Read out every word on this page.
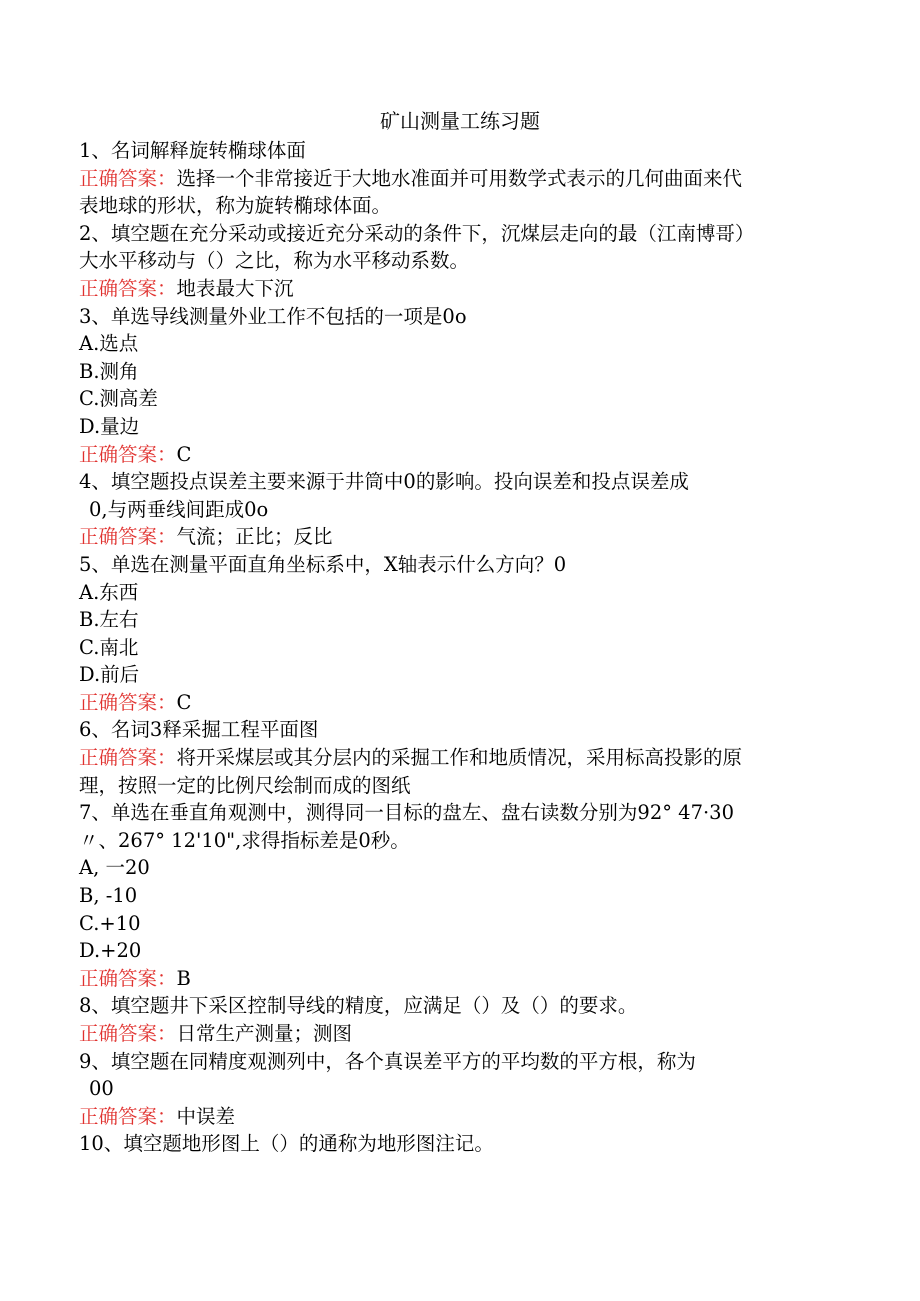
矿山测量工练习题
1、名词解释旋转椭球体面
正确答案：选择一个非常接近于大地水准面并可用数学式表示的几何曲面来代
表地球的形状，称为旋转椭球体面。
2、填空题在充分采动或接近充分采动的条件下，沉煤层走向的最（江南博哥）
大水平移动与（）之比，称为水平移动系数。
正确答案：地表最大下沉
3、单选导线测量外业工作不包括的一项是0o
A.选点
B.测角
C.测高差
D.量边
正确答案：C
4、填空题投点误差主要来源于井筒中0的影响。投向误差和投点误差成
0,与两垂线间距成0o
正确答案：气流；正比；反比
5、单选在测量平面直角坐标系中，X轴表示什么方向？0
A.东西
B.左右
C.南北
D.前后
正确答案：C
6、名词3释采掘工程平面图
正确答案：将开采煤层或其分层内的采掘工作和地质情况，采用标高投影的原
理，按照一定的比例尺绘制而成的图纸
7、单选在垂直角观测中，测得同一目标的盘左、盘右读数分别为92° 47·30
〃、267° 12'10",求得指标差是0秒。
A, 一20
B, -10
C.+10
D.+20
正确答案：B
8、填空题井下采区控制导线的精度，应满足（）及（）的要求。
正确答案：日常生产测量；测图
9、填空题在同精度观测列中，各个真误差平方的平均数的平方根，称为
00
正确答案：中误差
10、填空题地形图上（）的通称为地形图注记。
